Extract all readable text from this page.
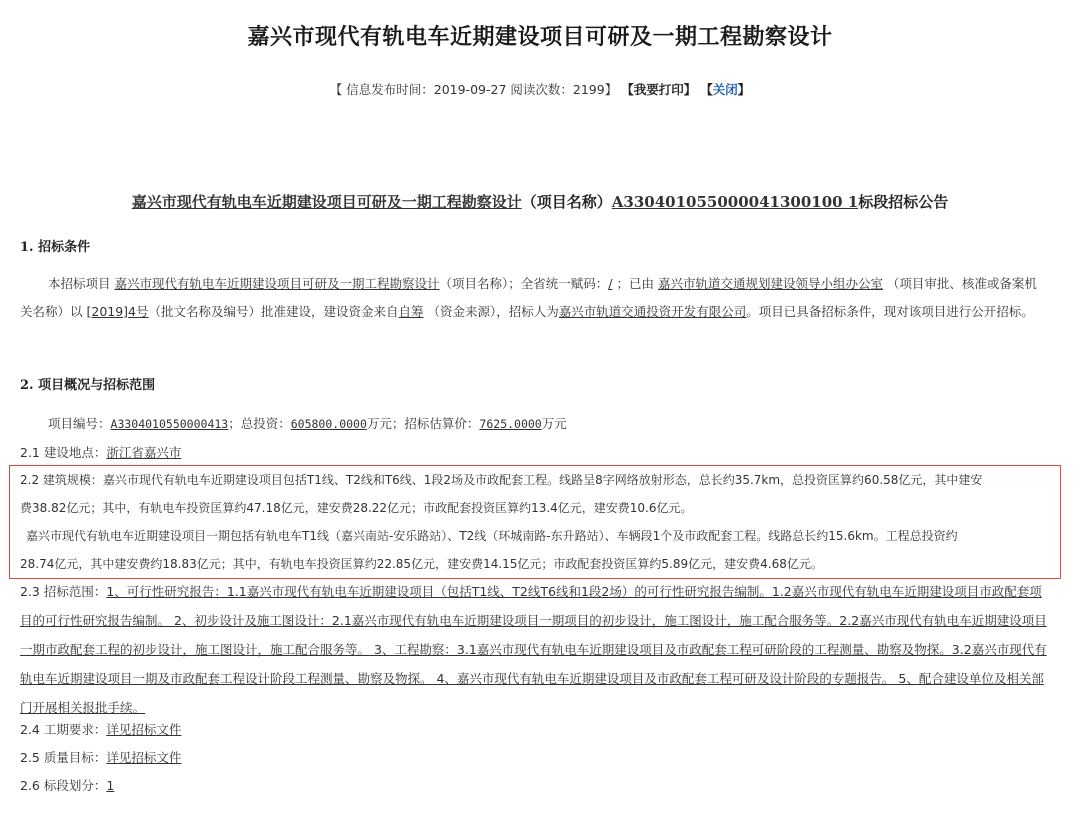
嘉兴市现代有轨电车近期建设项目可研及一期工程勘察设计
【 信息发布时间：2019-09-27 阅读次数：2199】 【我要打印】 【关闭】
嘉兴市现代有轨电车近期建设项目可研及一期工程勘察设计（项目名称）A330401055000041300100 1标段招标公告
1. 招标条件
本招标项目 嘉兴市现代有轨电车近期建设项目可研及一期工程勘察设计（项目名称）；全省统一赋码：/ ；已由 嘉兴市轨道交通规划建设领导小组办公室 （项目审批、核准或备案机关名称）以 [2019]4号（批文名称及编号）批准建设，建设资金来自自筹 （资金来源），招标人为嘉兴市轨道交通投资开发有限公司。项目已具备招标条件，现对该项目进行公开招标。
2. 项目概况与招标范围
项目编号：A3304010550000413；总投资：605800.0000万元；招标估算价：7625.0000万元
2.1 建设地点：浙江省嘉兴市
2.2 建筑规模：嘉兴市现代有轨电车近期建设项目包括T1线、T2线和T6线、1段2场及市政配套工程。线路呈8字网络放射形态，总长约35.7km，总投资匡算约60.58亿元，其中建安
费38.82亿元；其中，有轨电车投资匡算约47.18亿元，建安费28.22亿元；市政配套投资匡算约13.4亿元，建安费10.6亿元。
嘉兴市现代有轨电车近期建设项目一期包括有轨电车T1线（嘉兴南站-安乐路站）、T2线（环城南路-东升路站）、车辆段1个及市政配套工程。线路总长约15.6km。工程总投资约
28.74亿元，其中建安费约18.83亿元；其中，有轨电车投资匡算约22.85亿元，建安费14.15亿元；市政配套投资匡算约5.89亿元，建安费4.68亿元。
2.3 招标范围：1、可行性研究报告：1.1嘉兴市现代有轨电车近期建设项目（包括T1线、T2线T6线和1段2场）的可行性研究报告编制。1.2嘉兴市现代有轨电车近期建设项目市政配套项目的可行性研究报告编制。 2、初步设计及施工图设计：2.1嘉兴市现代有轨电车近期建设项目一期项目的初步设计，施工图设计，施工配合服务等。2.2嘉兴市现代有轨电车近期建设项目一期市政配套工程的初步设计，施工图设计，施工配合服务等。 3、工程勘察：3.1嘉兴市现代有轨电车近期建设项目及市政配套工程可研阶段的工程测量、勘察及物探。3.2嘉兴市现代有轨电车近期建设项目一期及市政配套工程设计阶段工程测量、勘察及物探。 4、嘉兴市现代有轨电车近期建设项目及市政配套工程可研及设计阶段的专题报告。 5、配合建设单位及相关部门开展相关报批手续。
2.4 工期要求：详见招标文件
2.5 质量目标：详见招标文件
2.6 标段划分：1
